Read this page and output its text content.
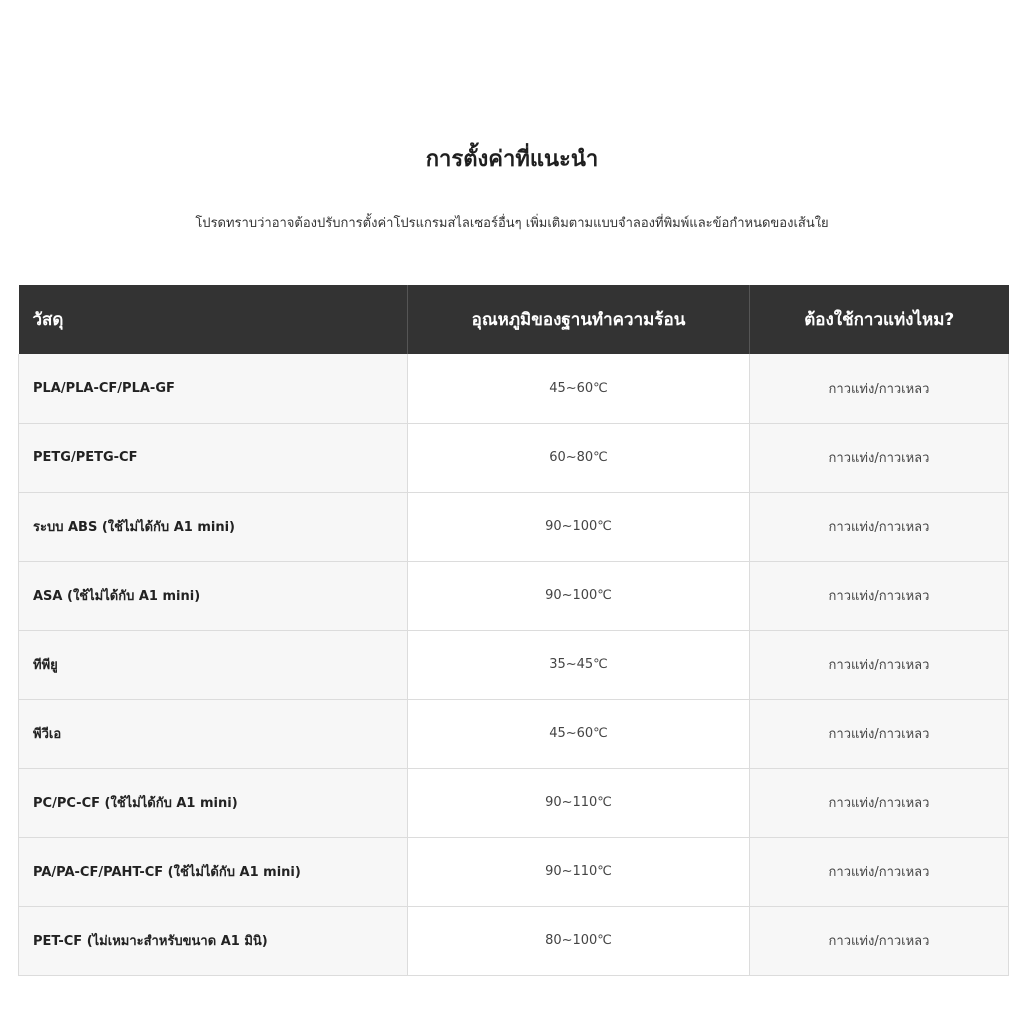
การตั้งค่าที่แนะนำ
โปรดทราบว่าอาจต้องปรับการตั้งค่าโปรแกรมสไลเซอร์อื่นๆ เพิ่มเติมตามแบบจำลองที่พิมพ์และข้อกำหนดของเส้นใย
วัสดุ	อุณหภูมิของฐานทำความร้อน	ต้องใช้กาวแท่งไหม?
PLA/PLA-CF/PLA-GF	45~60℃	กาวแท่ง/กาวเหลว
PETG/PETG-CF	60~80℃	กาวแท่ง/กาวเหลว
ระบบ ABS (ใช้ไม่ได้กับ A1 mini)	90~100℃	กาวแท่ง/กาวเหลว
ASA (ใช้ไม่ได้กับ A1 mini)	90~100℃	กาวแท่ง/กาวเหลว
ทีพียู	35~45℃	กาวแท่ง/กาวเหลว
พีวีเอ	45~60℃	กาวแท่ง/กาวเหลว
PC/PC-CF (ใช้ไม่ได้กับ A1 mini)	90~110℃	กาวแท่ง/กาวเหลว
PA/PA-CF/PAHT-CF (ใช้ไม่ได้กับ A1 mini)	90~110℃	กาวแท่ง/กาวเหลว
PET-CF (ไม่เหมาะสำหรับขนาด A1 มินิ)	80~100℃	กาวแท่ง/กาวเหลว
